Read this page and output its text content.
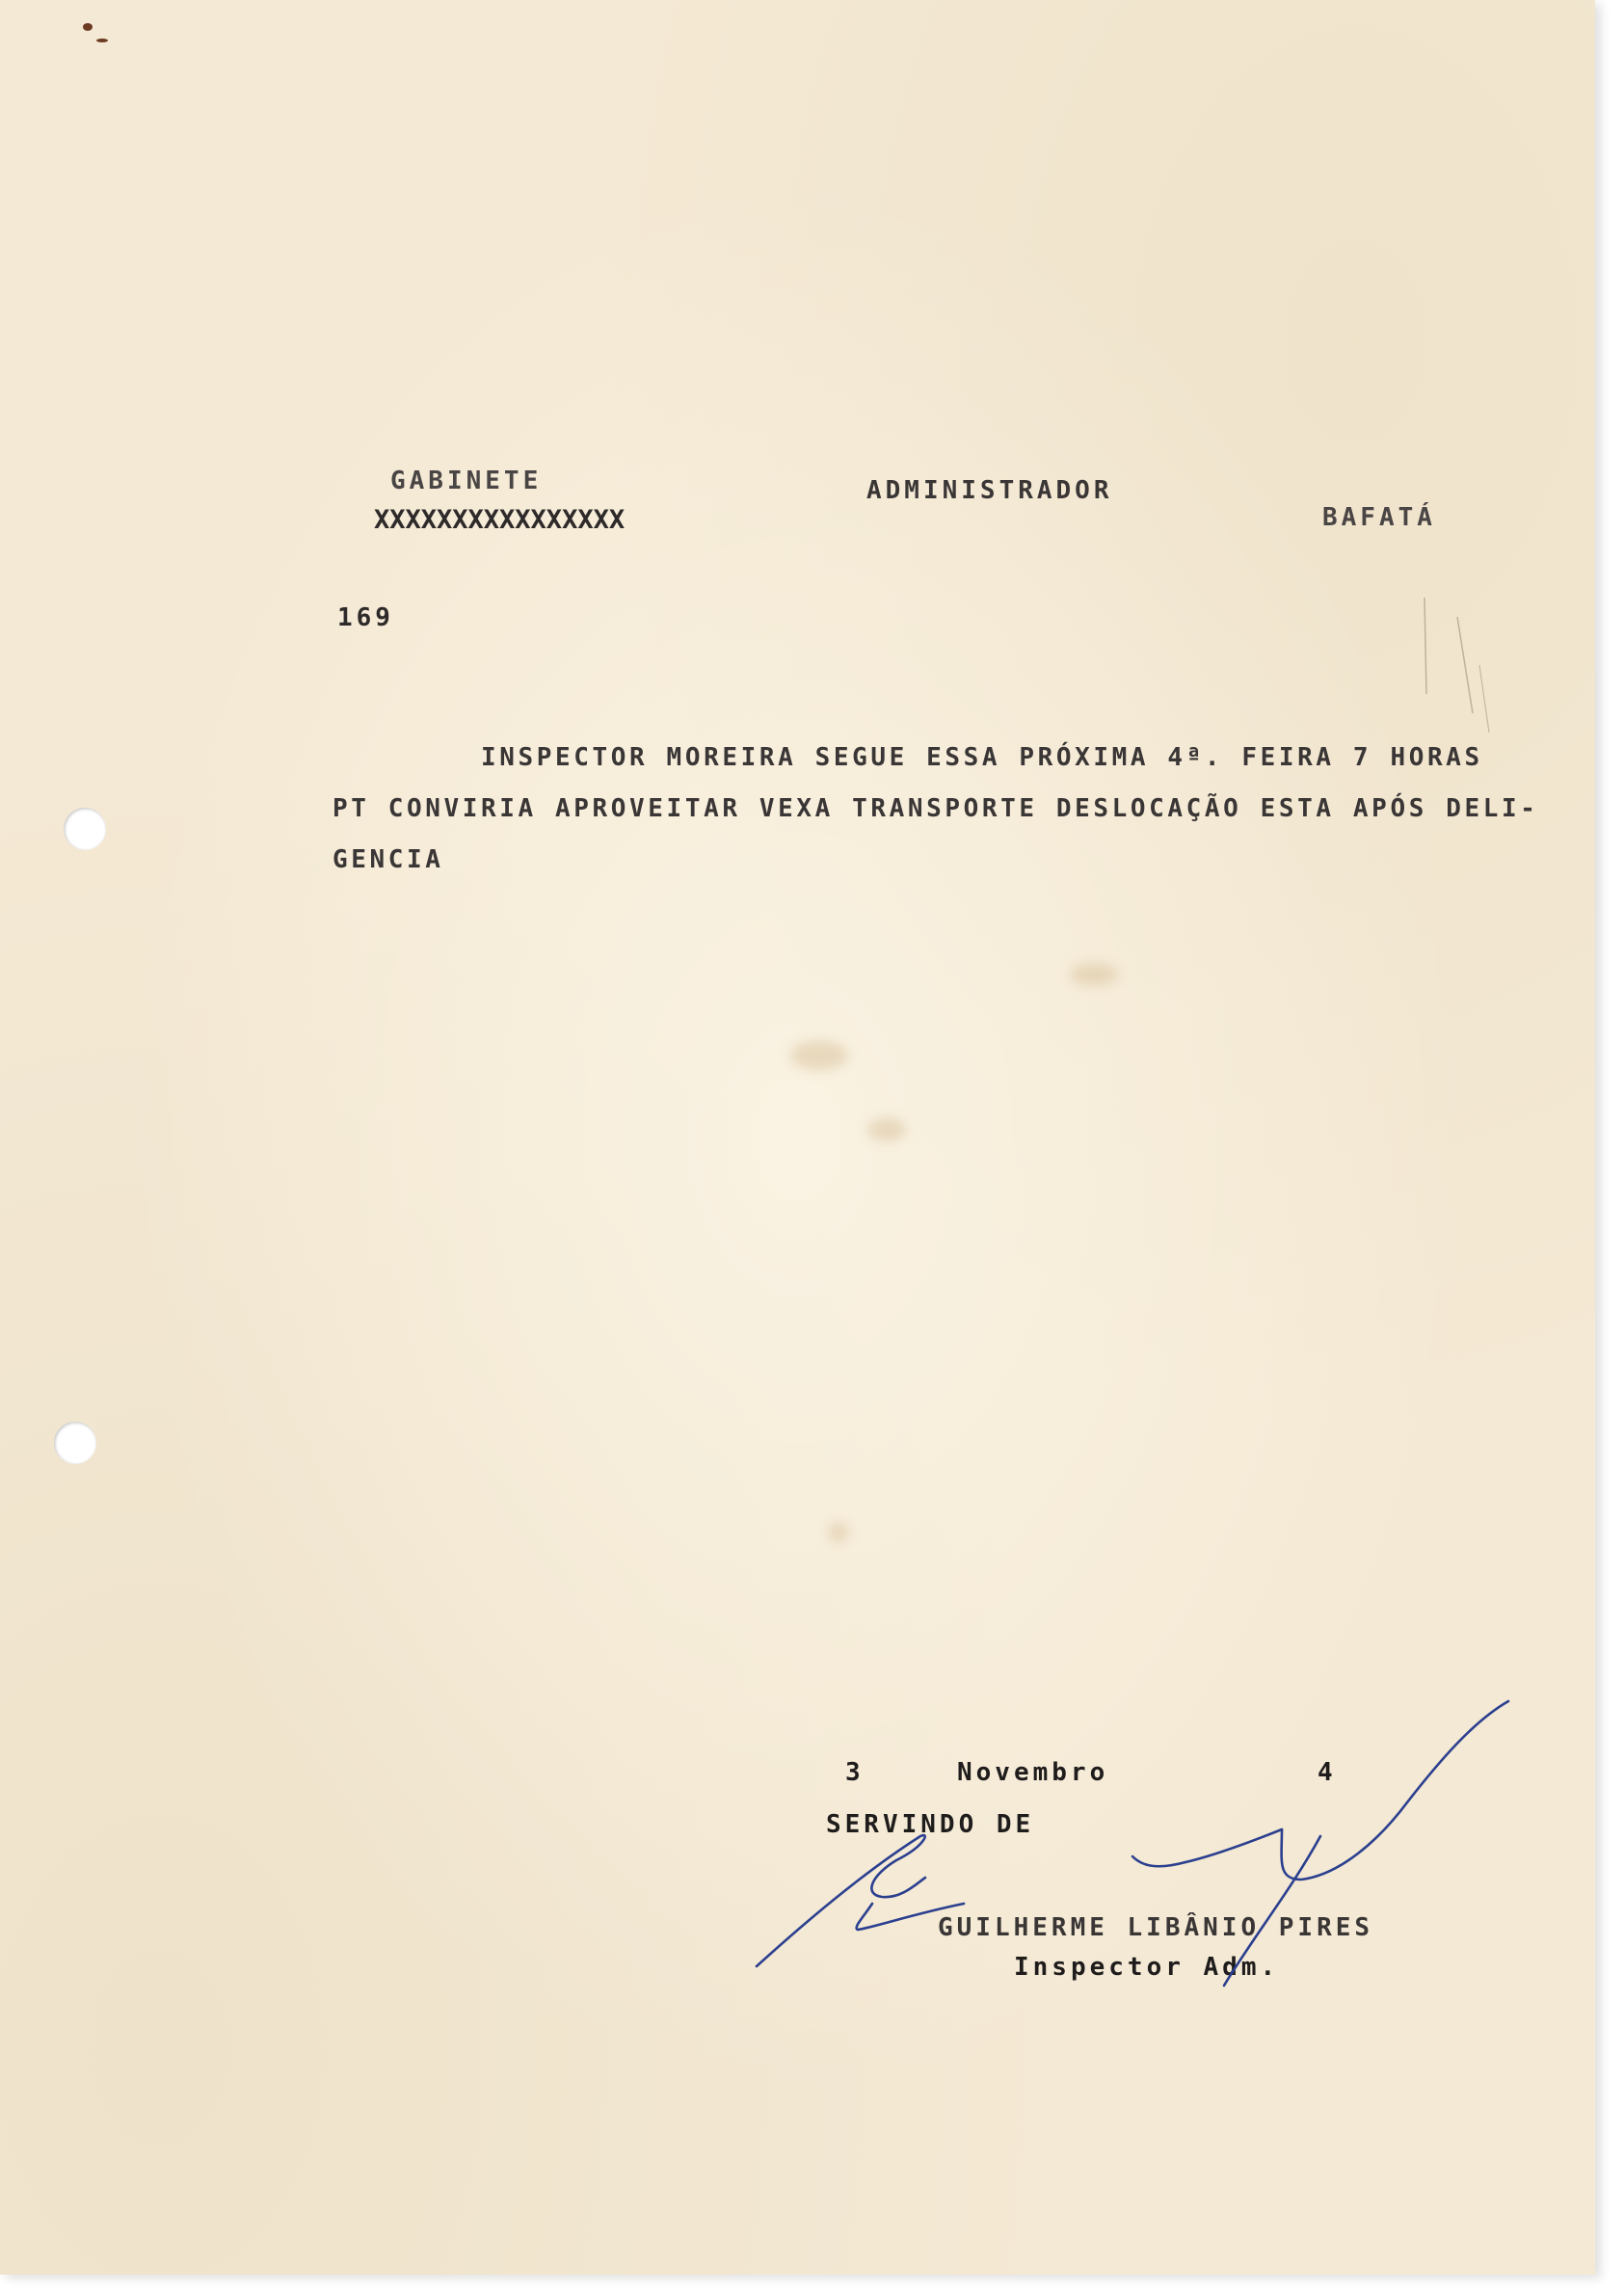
GABINETE
XXXXXXXXXXXXXXXX
ADMINISTRADOR
BAFATÁ
169
INSPECTOR MOREIRA SEGUE ESSA PRÓXIMA 4ª. FEIRA 7 HORAS
PT CONVIRIA APROVEITAR VEXA TRANSPORTE DESLOCAÇÃO ESTA APÓS DELI-
GENCIA
3	Novembro	4
SERVINDO DE
GUILHERME LIBÂNIO PIRES
Inspector Adm.
